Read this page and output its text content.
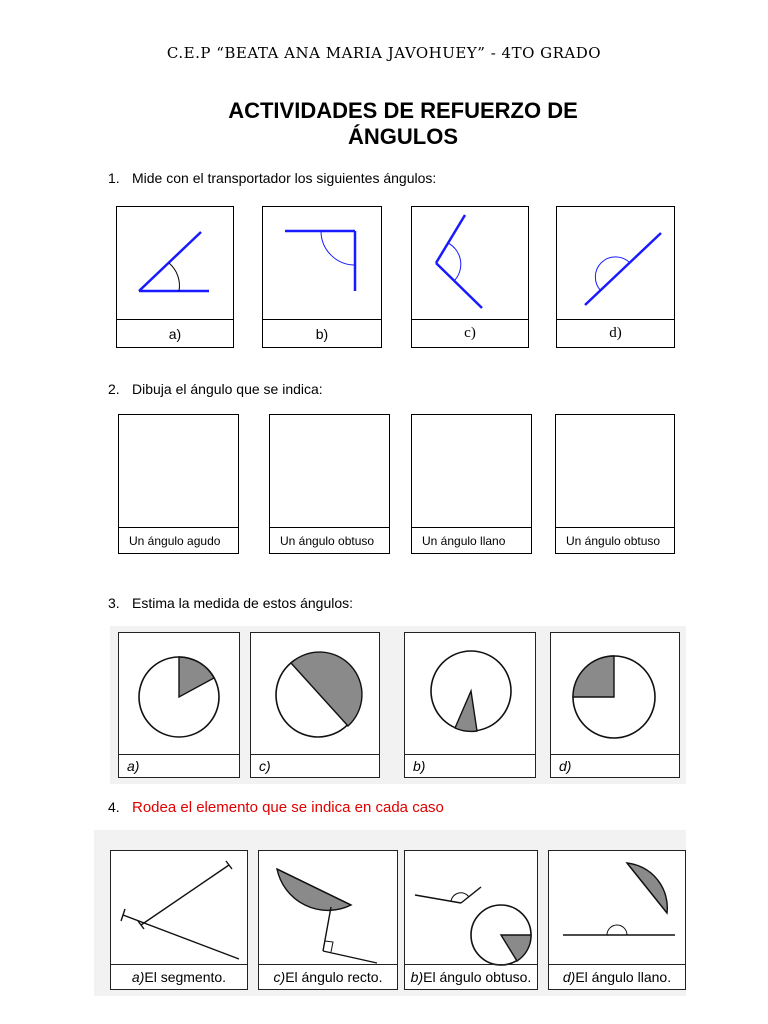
C.E.P “BEATA ANA MARIA JAVOHUEY” - 4TO GRADO
ACTIVIDADES DE REFUERZO DE
ÁNGULOS
1. Mide con el transportador los siguientes ángulos:
a)	b)	c)	d)
2. Dibuja el ángulo que se indica:
Un ángulo agudo	Un ángulo obtuso	Un ángulo llano	Un ángulo obtuso
3. Estima la medida de estos ángulos:
a)	c)	b)	d)
4. Rodea el elemento que se indica en cada caso
a) El segmento.	c) El ángulo recto. b) El ángulo obtuso. d) El ángulo llano.
